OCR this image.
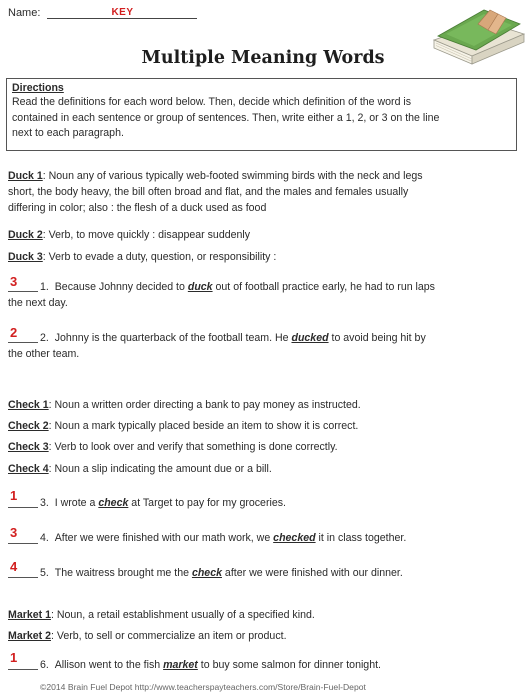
Name:	KEY
Multiple Meaning Words
Directions
Read the definitions for each word below. Then, decide which definition of the word is
contained in each sentence or group of sentences. Then, write either a 1, 2, or 3 on the line
next to each paragraph.
Duck 1: Noun any of various typically web-footed swimming birds with the neck and legs
short, the body heavy, the bill often broad and flat, and the males and females usually
differing in color; also : the flesh of a duck used as food
Duck 2: Verb, to move quickly : disappear suddenly
Duck 3: Verb to evade a duty, question, or responsibility :
3 1. Because Johnny decided to duck out of football practice early, he had to run laps
the next day.
2 2. Johnny is the quarterback of the football team. He ducked to avoid being hit by
the other team.
Check 1: Noun a written order directing a bank to pay money as instructed.
Check 2: Noun a mark typically placed beside an item to show it is correct.
Check 3: Verb to look over and verify that something is done correctly.
Check 4: Noun a slip indicating the amount due or a bill.
1 3. I wrote a check at Target to pay for my groceries.
3 4. After we were finished with our math work, we checked it in class together.
4 5. The waitress brought me the check after we were finished with our dinner.
Market 1: Noun, a retail establishment usually of a specified kind.
Market 2: Verb, to sell or commercialize an item or product.
1 6. Allison went to the fish market to buy some salmon for dinner tonight.
©2014 Brain Fuel Depot http://www.teacherspayteachers.com/Store/Brain-Fuel-Depot
